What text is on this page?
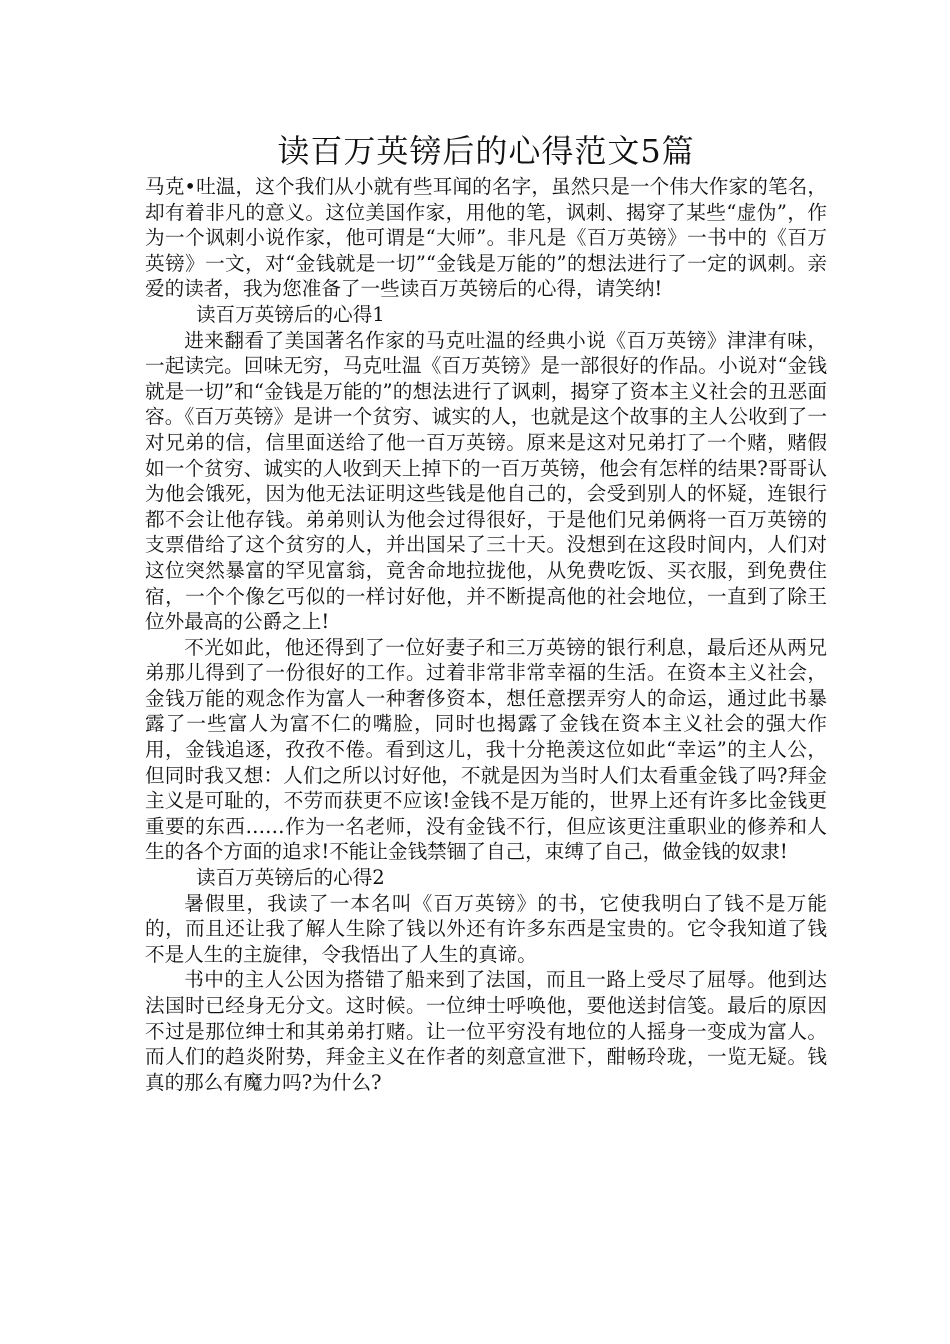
读百万英镑后的心得范文5篇

马克•吐温，这个我们从小就有些耳闻的名字，虽然只是一个伟大作家的笔名，却有着非凡的意义。这位美国作家，用他的笔，讽刺、揭穿了某些“虚伪”，作为一个讽刺小说作家，他可谓是“大师”。非凡是《百万英镑》一书中的《百万英镑》一文，对“金钱就是一切”“金钱是万能的”的想法进行了一定的讽刺。亲爱的读者，我为您准备了一些读百万英镑后的心得，请笑纳!

读百万英镑后的心得1

进来翻看了美国著名作家的马克吐温的经典小说《百万英镑》津津有味，一起读完。回味无穷，马克吐温《百万英镑》是一部很好的作品。小说对“金钱就是一切”和“金钱是万能的”的想法进行了讽刺，揭穿了资本主义社会的丑恶面容。《百万英镑》是讲一个贫穷、诚实的人，也就是这个故事的主人公收到了一对兄弟的信，信里面送给了他一百万英镑。原来是这对兄弟打了一个赌，赌假如一个贫穷、诚实的人收到天上掉下的一百万英镑，他会有怎样的结果?哥哥认为他会饿死，因为他无法证明这些钱是他自己的，会受到别人的怀疑，连银行都不会让他存钱。弟弟则认为他会过得很好，于是他们兄弟俩将一百万英镑的支票借给了这个贫穷的人，并出国呆了三十天。没想到在这段时间内，人们对这位突然暴富的罕见富翁，竟舍命地拉拢他，从免费吃饭、买衣服，到免费住宿，一个个像乞丐似的一样讨好他，并不断提高他的社会地位，一直到了除王位外最高的公爵之上!

不光如此，他还得到了一位好妻子和三万英镑的银行利息，最后还从两兄弟那儿得到了一份很好的工作。过着非常非常幸福的生活。在资本主义社会，金钱万能的观念作为富人一种奢侈资本，想任意摆弄穷人的命运，通过此书暴露了一些富人为富不仁的嘴脸，同时也揭露了金钱在资本主义社会的强大作用，金钱追逐，孜孜不倦。看到这儿，我十分艳羡这位如此“幸运”的主人公，但同时我又想：人们之所以讨好他，不就是因为当时人们太看重金钱了吗?拜金主义是可耻的，不劳而获更不应该!金钱不是万能的，世界上还有许多比金钱更重要的东西……作为一名老师，没有金钱不行，但应该更注重职业的修养和人生的各个方面的追求!不能让金钱禁锢了自己，束缚了自己，做金钱的奴隶!

读百万英镑后的心得2

暑假里，我读了一本名叫《百万英镑》的书，它使我明白了钱不是万能的，而且还让我了解人生除了钱以外还有许多东西是宝贵的。它令我知道了钱不是人生的主旋律，令我悟出了人生的真谛。

书中的主人公因为搭错了船来到了法国，而且一路上受尽了屈辱。他到达法国时已经身无分文。这时候。一位绅士呼唤他，要他送封信笺。最后的原因不过是那位绅士和其弟弟打赌。让一位平穷没有地位的人摇身一变成为富人。而人们的趋炎附势，拜金主义在作者的刻意宣泄下，酣畅玲珑，一览无疑。钱真的那么有魔力吗?为什么?
